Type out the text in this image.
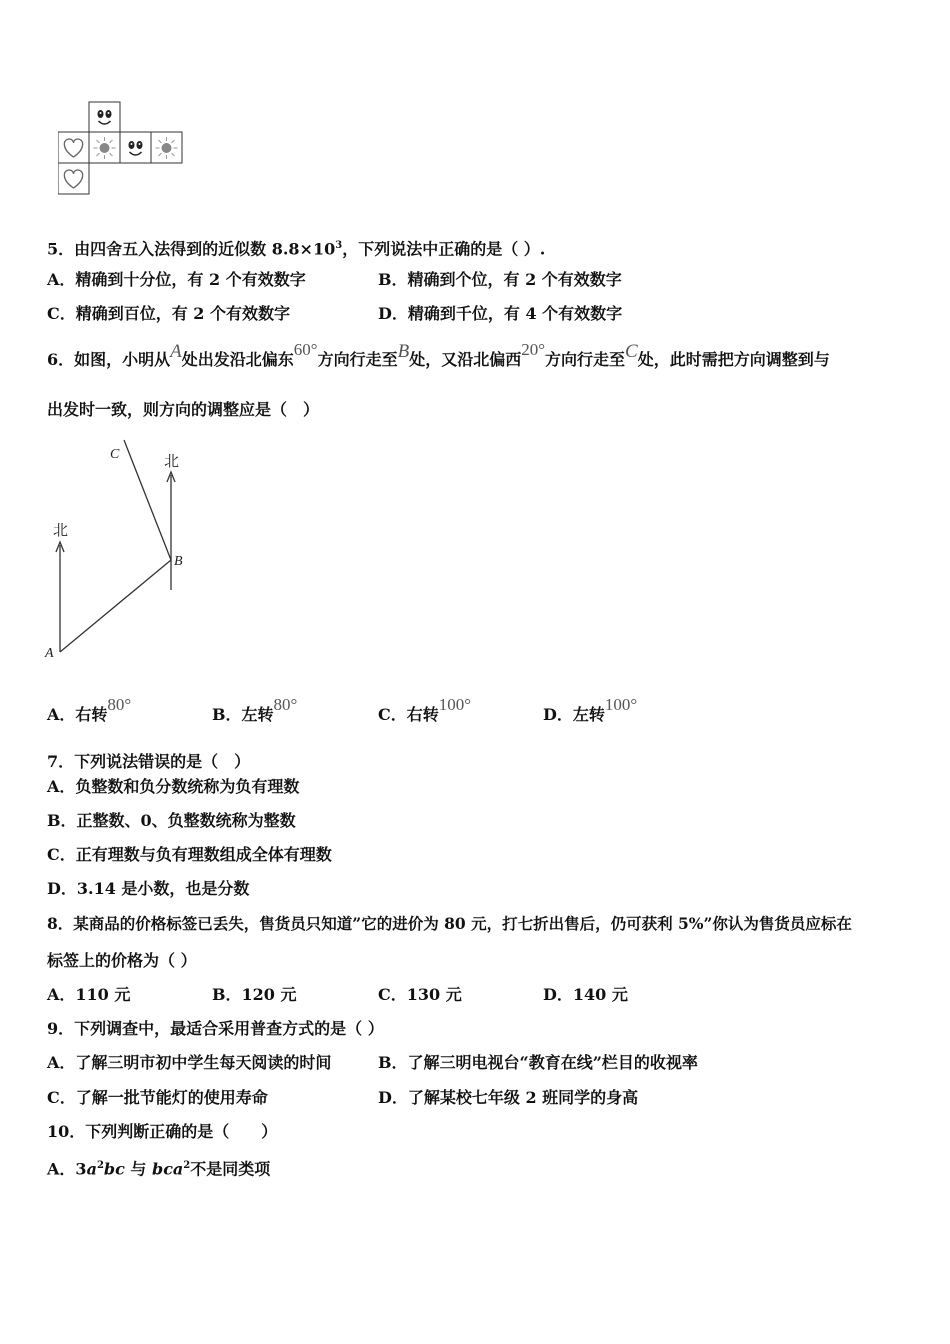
5．由四舍五入法得到的近似数 $8.8\times 10^3$，下列说法中正确的是（ ）.
A．精确到十分位，有 2 个有效数字	B．精确到个位，有 2 个有效数字
C．精确到百位，有 2 个有效数字	D．精确到千位，有 4 个有效数字
6．如图，小明从A处出发沿北偏东60°方向行走至B处，又沿北偏西20°方向行走至C处，此时需把方向调整到与
出发时一致，则方向的调整应是（　）
北
北
A
B
C
A．右转80°
B．左转80°
C．右转100°
D．左转100°
7．下列说法错误的是（　）
A．负整数和负分数统称为负有理数
B．正整数、0、负整数统称为整数
C．正有理数与负有理数组成全体有理数
D．3.14 是小数，也是分数
8．某商品的价格标签已丢失，售货员只知道”它的进价为 80 元，打七折出售后，仍可获利 5%”你认为售货员应标在
标签上的价格为（ ）
A．110 元	B．120 元	C．130 元	D．140 元
9．下列调查中，最适合采用普查方式的是（ ）
A．了解三明市初中学生每天阅读的时间	B．了解三明电视台“教育在线”栏目的收视率
C．了解一批节能灯的使用寿命	D．了解某校七年级 2 班同学的身高
10．下列判断正确的是（　　）
A．$3a^2bc$ 与 bca$^2$不是同类项
